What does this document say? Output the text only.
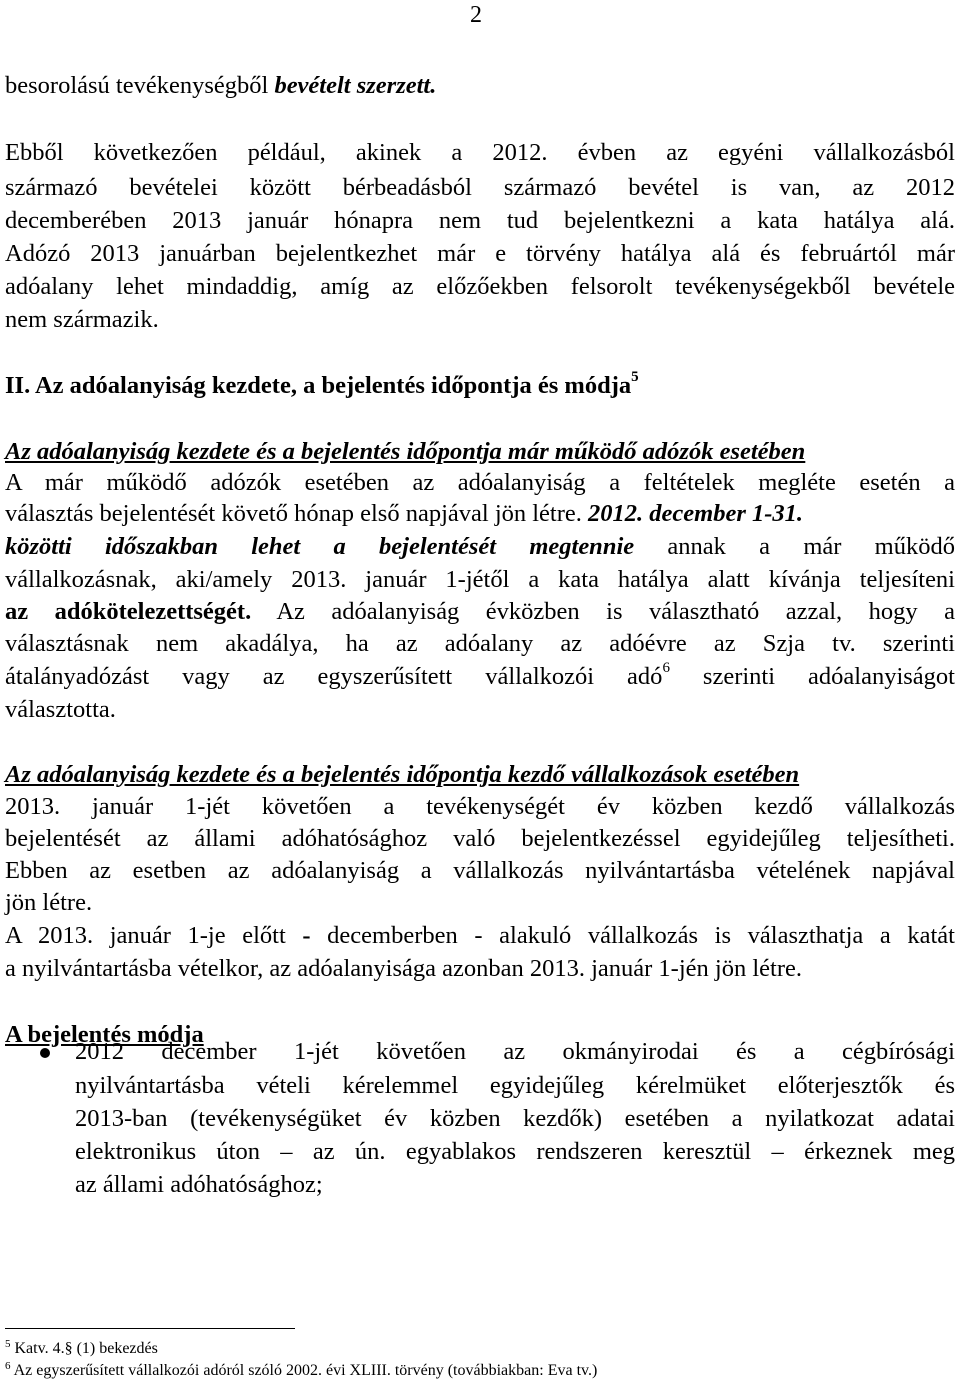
2
besorolású tevékenységből bevételt szerzett.
Ebből következően például, akinek a 2012. évben az egyéni vállalkozásból
származó bevételei között bérbeadásból származó bevétel is van, az 2012
decemberében 2013 január hónapra nem tud bejelentkezni a kata hatálya alá.
Adózó 2013 januárban bejelentkezhet már e törvény hatálya alá és februártól már
adóalany lehet mindaddig, amíg az előzőekben felsorolt tevékenységekből bevétele
nem származik.
II. Az adóalanyiság kezdete, a bejelentés időpontja és módja$^5$
Az adóalanyiság kezdete és a bejelentés időpontja már működő adózók esetében
A már működő adózók esetében az adóalanyiság a feltételek megléte esetén a
választás bejelentését követő hónap első napjával jön létre. 2012. december 1-31.
közötti időszakban lehet a bejelentését megtennie annak a már működő
vállalkozásnak, aki/amely 2013. január 1-jétől a kata hatálya alatt kívánja teljesíteni
az adókötelezettségét. Az adóalanyiság évközben is választható azzal, hogy a
választásnak nem akadálya, ha az adóalany az adóévre az Szja tv. szerinti
átalányadózást vagy az egyszerűsített vállalkozói adó$^6$ szerinti adóalanyiságot
választotta.
Az adóalanyiság kezdete és a bejelentés időpontja kezdő vállalkozások esetében
2013. január 1-jét követően a tevékenységét év közben kezdő vállalkozás
bejelentését az állami adóhatósághoz való bejelentkezéssel egyidejűleg teljesítheti.
Ebben az esetben az adóalanyiság a vállalkozás nyilvántartásba vételének napjával
jön létre.
A 2013. január 1-je előtt - decemberben - alakuló vállalkozás is választhatja a katát
a nyilvántartásba vételkor, az adóalanyisága azonban 2013. január 1-jén jön létre.
A bejelentés módja
2012 december 1-jét követően az okmányirodai és a cégbírósági
nyilvántartásba vételi kérelemmel egyidejűleg kérelmüket előterjesztők és
2013-ban (tevékenységüket év közben kezdők) esetében a nyilatkozat adatai
elektronikus úton – az ún. egyablakos rendszeren keresztül – érkeznek meg
az állami adóhatósághoz;
$^5$ Katv. 4.§ (1) bekezdés
$^6$ Az egyszerűsített vállalkozói adóról szóló 2002. évi XLIII. törvény (továbbiakban: Eva tv.)
